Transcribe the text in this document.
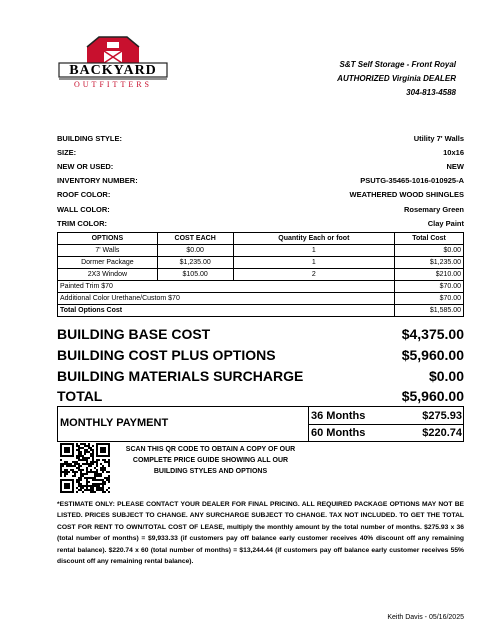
BACKYARD
OUTFITTERS
S&T Self Storage - Front Royal
AUTHORIZED Virginia DEALER
304-813-4588
BUILDING STYLE:	Utility 7' Walls
SIZE:	10x16
NEW OR USED:	NEW
INVENTORY NUMBER:	PSUTG-35465-1016-010925-A
ROOF COLOR:	WEATHERED WOOD SHINGLES
WALL COLOR:	Rosemary Green
TRIM COLOR:	Clay Paint
OPTIONS	COST EACH	Quantity Each or foot	Total Cost
7' Walls	$0.00	1	$0.00
Dormer Package	$1,235.00	1	$1,235.00
2X3 Window	$105.00	2	$210.00
Painted Trim $70			$70.00
Additional Color Urethane/Custom $70			$70.00
Total Options Cost			$1,585.00
BUILDING BASE COST	$4,375.00
BUILDING COST PLUS OPTIONS	$5,960.00
BUILDING MATERIALS SURCHARGE	$0.00
TOTAL	$5,960.00
MONTHLY PAYMENT
36 Months	$275.93
60 Months	$220.74
SCAN THIS QR CODE TO OBTAIN A COPY OF OUR COMPLETE PRICE GUIDE SHOWING ALL OUR BUILDING STYLES AND OPTIONS
*ESTIMATE ONLY: PLEASE CONTACT YOUR DEALER FOR FINAL PRICING. ALL REQUIRED PACKAGE OPTIONS MAY NOT BE LISTED. PRICES SUBJECT TO CHANGE. ANY SURCHARGE SUBJECT TO CHANGE. TAX NOT INCLUDED. TO GET THE TOTAL COST FOR RENT TO OWN/TOTAL COST OF LEASE, multiply the monthly amount by the total number of months. $275.93 x 36 (total number of months) = $9,933.33 (if customers pay off balance early customer receives 40% discount off any remaining rental balance). $220.74 x 60 (total number of months) = $13,244.44 (if customers pay off balance early customer receives 55% discount off any remaining rental balance).
Keith Davis - 05/16/2025
